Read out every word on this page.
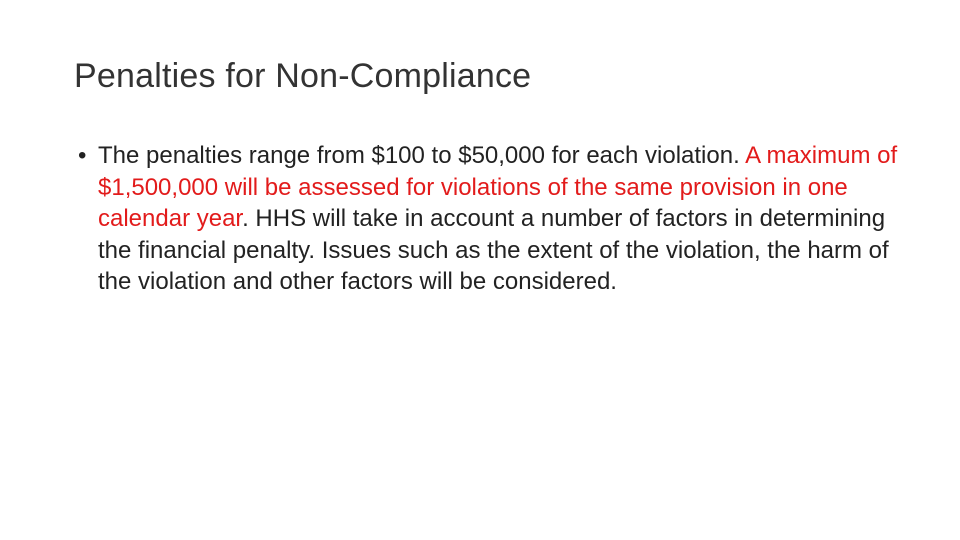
Penalties for Non-Compliance
• The penalties range from $100 to $50,000 for each violation. A maximum of $1,500,000 will be assessed for violations of the same provision in one calendar year. HHS will take in account a number of factors in determining the financial penalty. Issues such as the extent of the violation, the harm of the violation and other factors will be considered.
